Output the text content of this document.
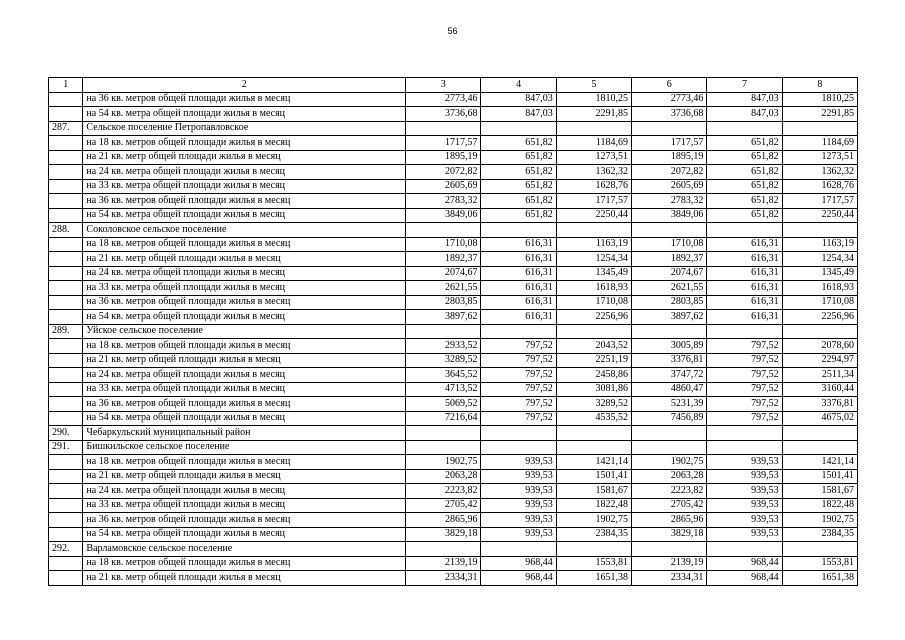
56
1	2	3	4	5	6	7	8
	на 36 кв. метров общей площади жилья в месяц	2773,46	847,03	1810,25	2773,46	847,03	1810,25
	на 54 кв. метра общей площади жилья в месяц	3736,68	847,03	2291,85	3736,68	847,03	2291,85
287.	Сельское поселение Петропавловское						
	на 18 кв. метров общей площади жилья в месяц	1717,57	651,82	1184,69	1717,57	651,82	1184,69
	на 21 кв. метр общей площади жилья в месяц	1895,19	651,82	1273,51	1895,19	651,82	1273,51
	на 24 кв. метра общей площади жилья в месяц	2072,82	651,82	1362,32	2072,82	651,82	1362,32
	на 33 кв. метра общей площади жилья в месяц	2605,69	651,82	1628,76	2605,69	651,82	1628,76
	на 36 кв. метров общей площади жилья в месяц	2783,32	651,82	1717,57	2783,32	651,82	1717,57
	на 54 кв. метра общей площади жилья в месяц	3849,06	651,82	2250,44	3849,06	651,82	2250,44
288.	Соколовское сельское поселение						
	на 18 кв. метров общей площади жилья в месяц	1710,08	616,31	1163,19	1710,08	616,31	1163,19
	на 21 кв. метр общей площади жилья в месяц	1892,37	616,31	1254,34	1892,37	616,31	1254,34
	на 24 кв. метра общей площади жилья в месяц	2074,67	616,31	1345,49	2074,67	616,31	1345,49
	на 33 кв. метра общей площади жилья в месяц	2621,55	616,31	1618,93	2621,55	616,31	1618,93
	на 36 кв. метров общей площади жилья в месяц	2803,85	616,31	1710,08	2803,85	616,31	1710,08
	на 54 кв. метра общей площади жилья в месяц	3897,62	616,31	2256,96	3897,62	616,31	2256,96
289.	Уйское сельское поселение						
	на 18 кв. метров общей площади жилья в месяц	2933,52	797,52	2043,52	3005,89	797,52	2078,60
	на 21 кв. метр общей площади жилья в месяц	3289,52	797,52	2251,19	3376,81	797,52	2294,97
	на 24 кв. метра общей площади жилья в месяц	3645,52	797,52	2458,86	3747,72	797,52	2511,34
	на 33 кв. метра общей площади жилья в месяц	4713,52	797,52	3081,86	4860,47	797,52	3160,44
	на 36 кв. метров общей площади жилья в месяц	5069,52	797,52	3289,52	5231,39	797,52	3376,81
	на 54 кв. метра общей площади жилья в месяц	7216,64	797,52	4535,52	7456,89	797,52	4675,02
290.	Чебаркульский муниципальный район						
291.	Бишкильское сельское поселение						
	на 18 кв. метров общей площади жилья в месяц	1902,75	939,53	1421,14	1902,75	939,53	1421,14
	на 21 кв. метр общей площади жилья в месяц	2063,28	939,53	1501,41	2063,28	939,53	1501,41
	на 24 кв. метра общей площади жилья в месяц	2223,82	939,53	1581,67	2223,82	939,53	1581,67
	на 33 кв. метра общей площади жилья в месяц	2705,42	939,53	1822,48	2705,42	939,53	1822,48
	на 36 кв. метров общей площади жилья в месяц	2865,96	939,53	1902,75	2865,96	939,53	1902,75
	на 54 кв. метра общей площади жилья в месяц	3829,18	939,53	2384,35	3829,18	939,53	2384,35
292.	Варламовское сельское поселение						
	на 18 кв. метров общей площади жилья в месяц	2139,19	968,44	1553,81	2139,19	968,44	1553,81
	на 21 кв. метр общей площади жилья в месяц	2334,31	968,44	1651,38	2334,31	968,44	1651,38
